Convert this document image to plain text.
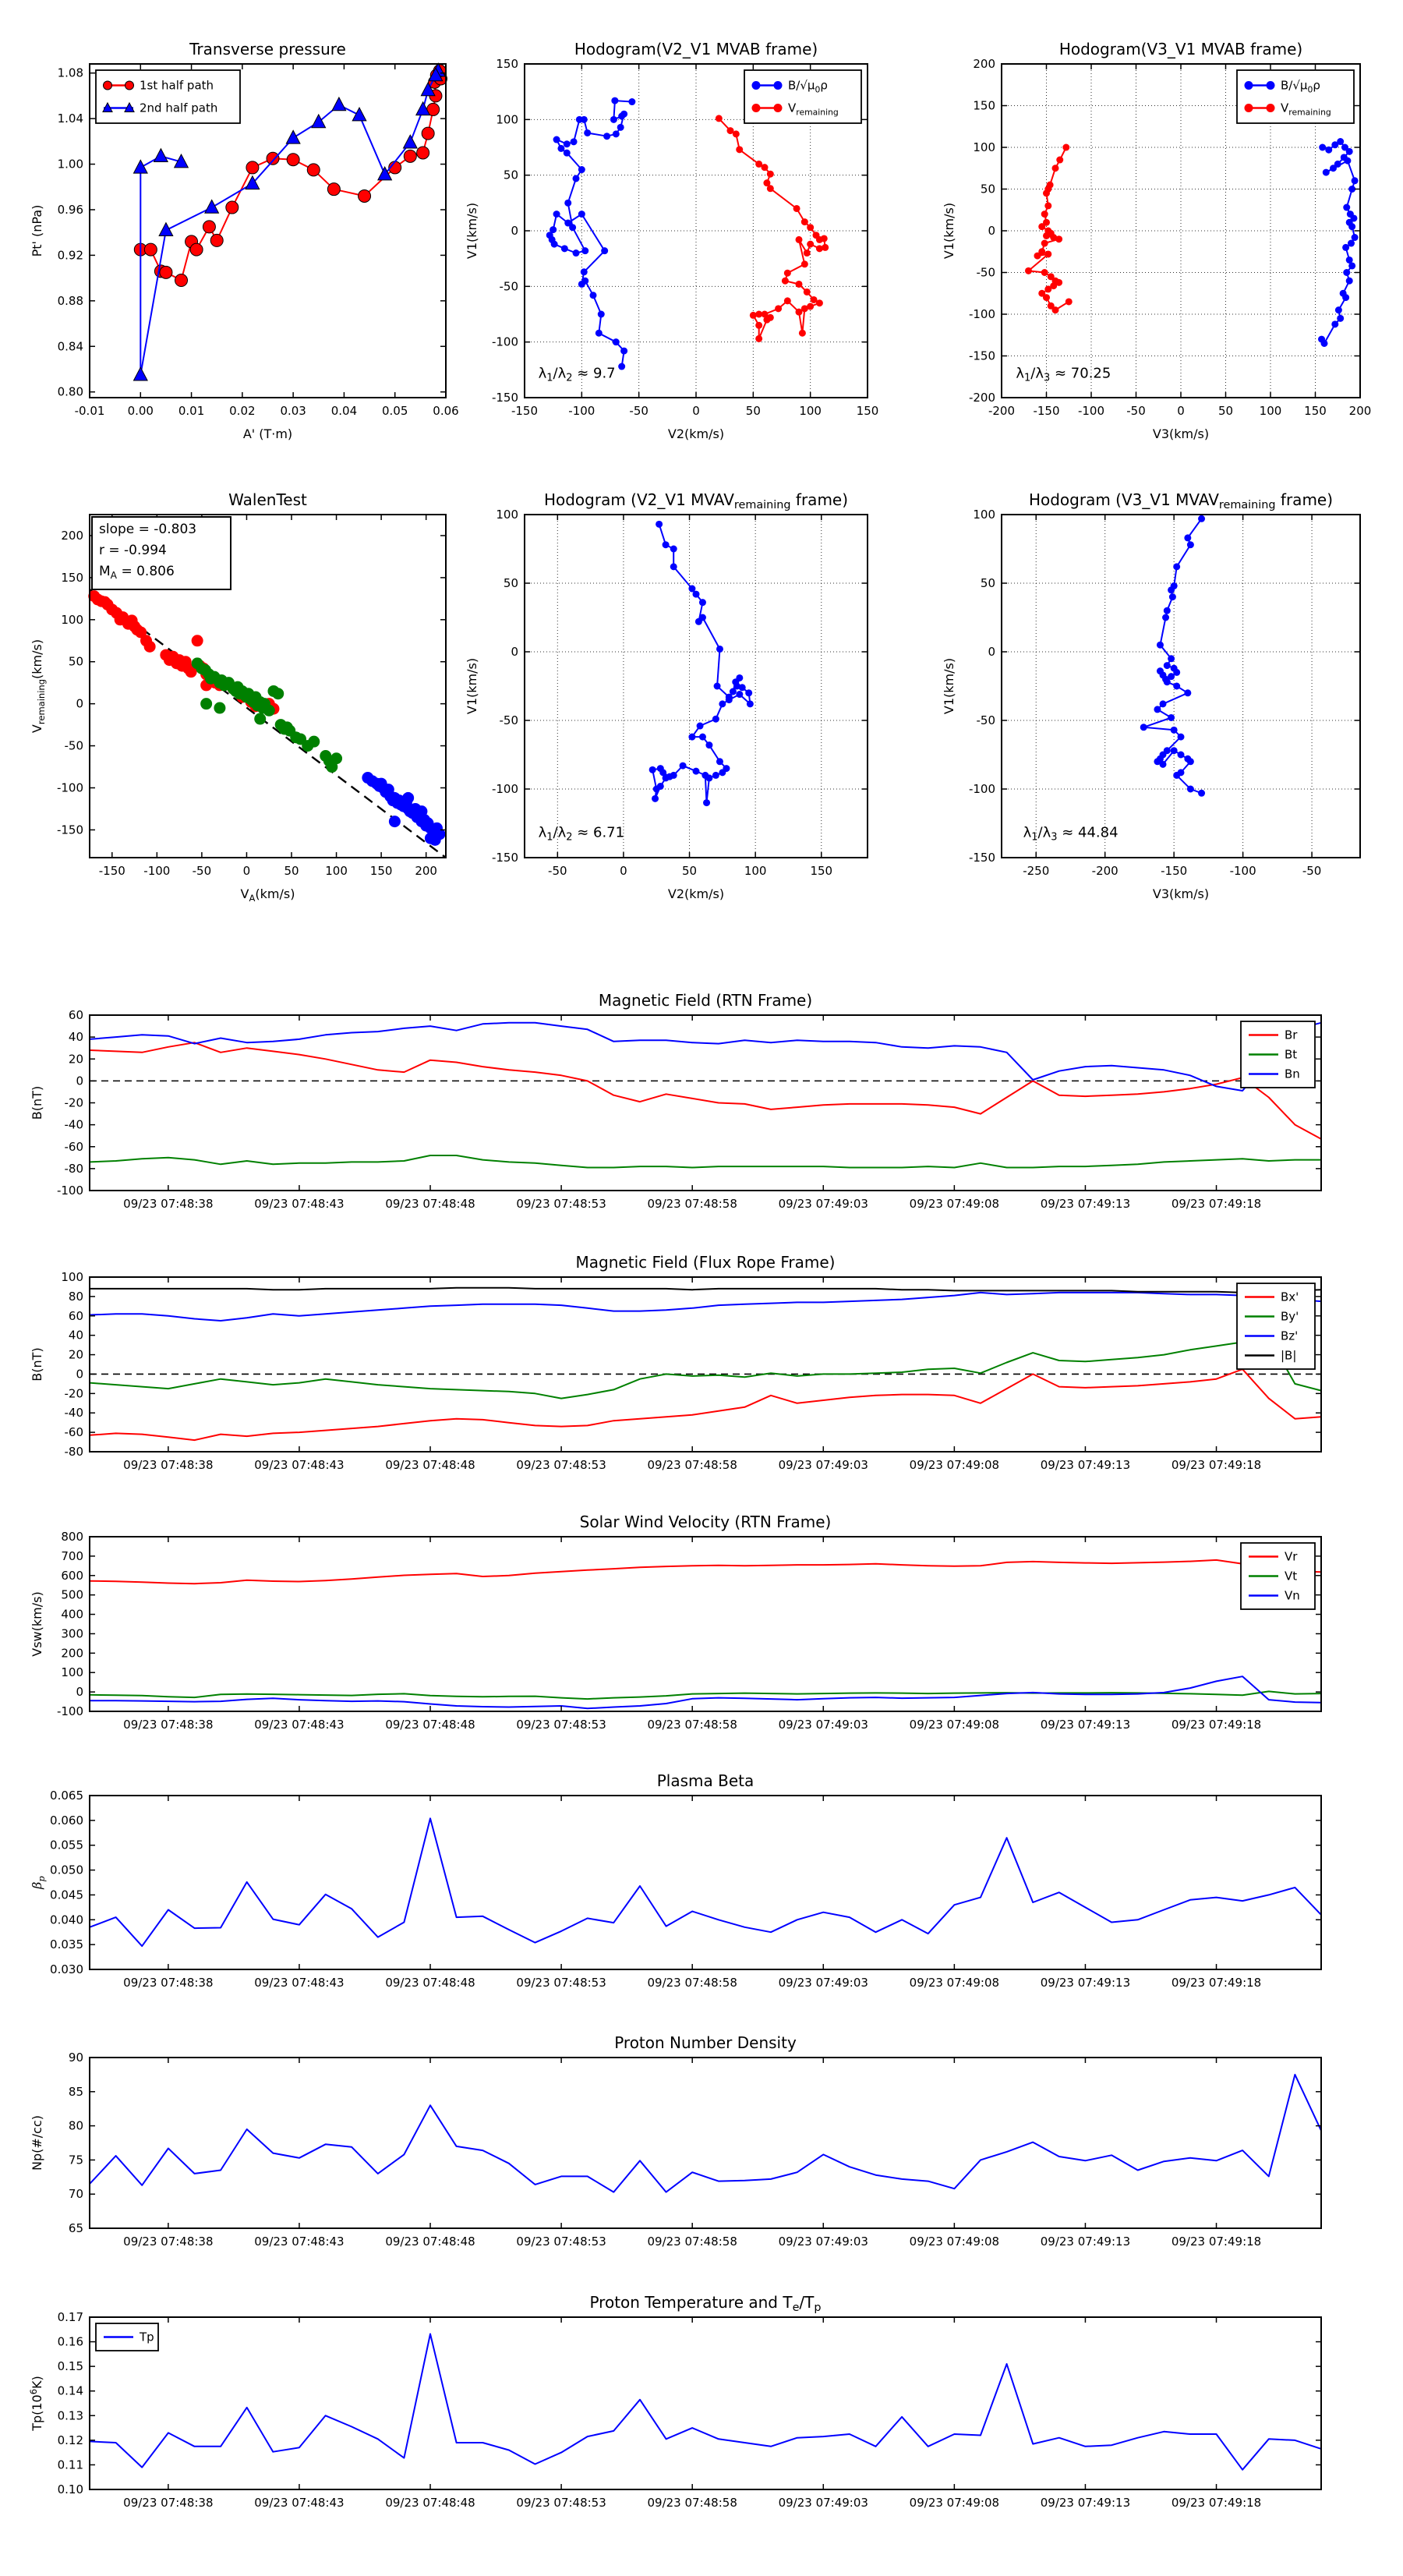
-0.01 0.00 0.01 0.02 0.03 0.04 0.05 0.06
0.80
0.84
0.88
0.92
0.96
1.00
1.04
1.08
Transverse pressure
A' (T·m)
Pt' (nPa)
1st half path
2nd half path
-150	-100	-50	0	50	100	150
-150
-100
-50
0
50
100
150
Hodogram(V2_V1 MVAB frame)
V2(km/s)
V1(km/s)
$\lambda_1/\lambda_2 \approx 9.7$
$B/√\mu_0\rho$
$V_{remaining}$
-200 -150 -100 -50	0	50 100 150 200
-200
-150
-100
-50
0
50
100
150
200
Hodogram(V3_V1 MVAB frame)
V3(km/s)
V1(km/s)
$\lambda_1/\lambda_3 \approx 70.25$
$B/√\mu_0\rho$
$V_{remaining}$
-150 -100 -50	0	50 100 150 200
-150
-100
-50
0
50
100
150
200
WalenTest
$V_A(km/s)$
$V_{remaining}(km/s)$
slope = -0.803
r = -0.994
$M_A = 0.806$
-50	0	50	100	150
-150
-100
-50
0
50
100
Hodogram (V2_V1 $MVAV_{remaining}$ frame)
V2(km/s)
V1(km/s)
$\lambda_1/\lambda_2 \approx 6.71$
-250	-200	-150	-100	-50
-150
-100
-50
0
50
100
Hodogram (V3_V1 $MVAV_{remaining}$ frame)
V3(km/s)
V1(km/s)
$\lambda_1/\lambda_3 \approx 44.84$
09/23 07:48:38	09/23 07:48:43	09/23 07:48:48	09/23 07:48:53	09/23 07:48:58	09/23 07:49:03	09/23 07:49:08	09/23 07:49:13	09/23 07:49:18
-100
-80
-60
-40
-20
0
20
40
60
Magnetic Field (RTN Frame)
B(nT)
Br
Bt
Bn
09/23 07:48:38	09/23 07:48:43	09/23 07:48:48	09/23 07:48:53	09/23 07:48:58	09/23 07:49:03	09/23 07:49:08	09/23 07:49:13	09/23 07:49:18
-80
-60
-40
-20
0
20
40
60
80
100
Magnetic Field (Flux Rope Frame)
B(nT)
Bx'
By'
Bz'
|B|
09/23 07:48:38	09/23 07:48:43	09/23 07:48:48	09/23 07:48:53	09/23 07:48:58	09/23 07:49:03	09/23 07:49:08	09/23 07:49:13	09/23 07:49:18
-100
0
100
200
300
400
500
600
700
800
Solar Wind Velocity (RTN Frame)
Vsw(km/s)
Vr
Vt
Vn
09/23 07:48:38	09/23 07:48:43	09/23 07:48:48	09/23 07:48:53	09/23 07:48:58	09/23 07:49:03	09/23 07:49:08	09/23 07:49:13	09/23 07:49:18
0.030
0.035
0.040
0.045
0.050
0.055
0.060
0.065
Plasma Beta
$\beta_p$
09/23 07:48:38	09/23 07:48:43	09/23 07:48:48	09/23 07:48:53	09/23 07:48:58	09/23 07:49:03	09/23 07:49:08	09/23 07:49:13	09/23 07:49:18
65
70
75
80
85
90
Proton Number Density
Np(#/cc)
09/23 07:48:38	09/23 07:48:43	09/23 07:48:48	09/23 07:48:53	09/23 07:48:58	09/23 07:49:03	09/23 07:49:08	09/23 07:49:13	09/23 07:49:18
0.10
0.11
0.12
0.13
0.14
0.15
0.16
0.17
Proton Temperature and $T_e/T_p$
$Tp(10^6K)$
Tp
